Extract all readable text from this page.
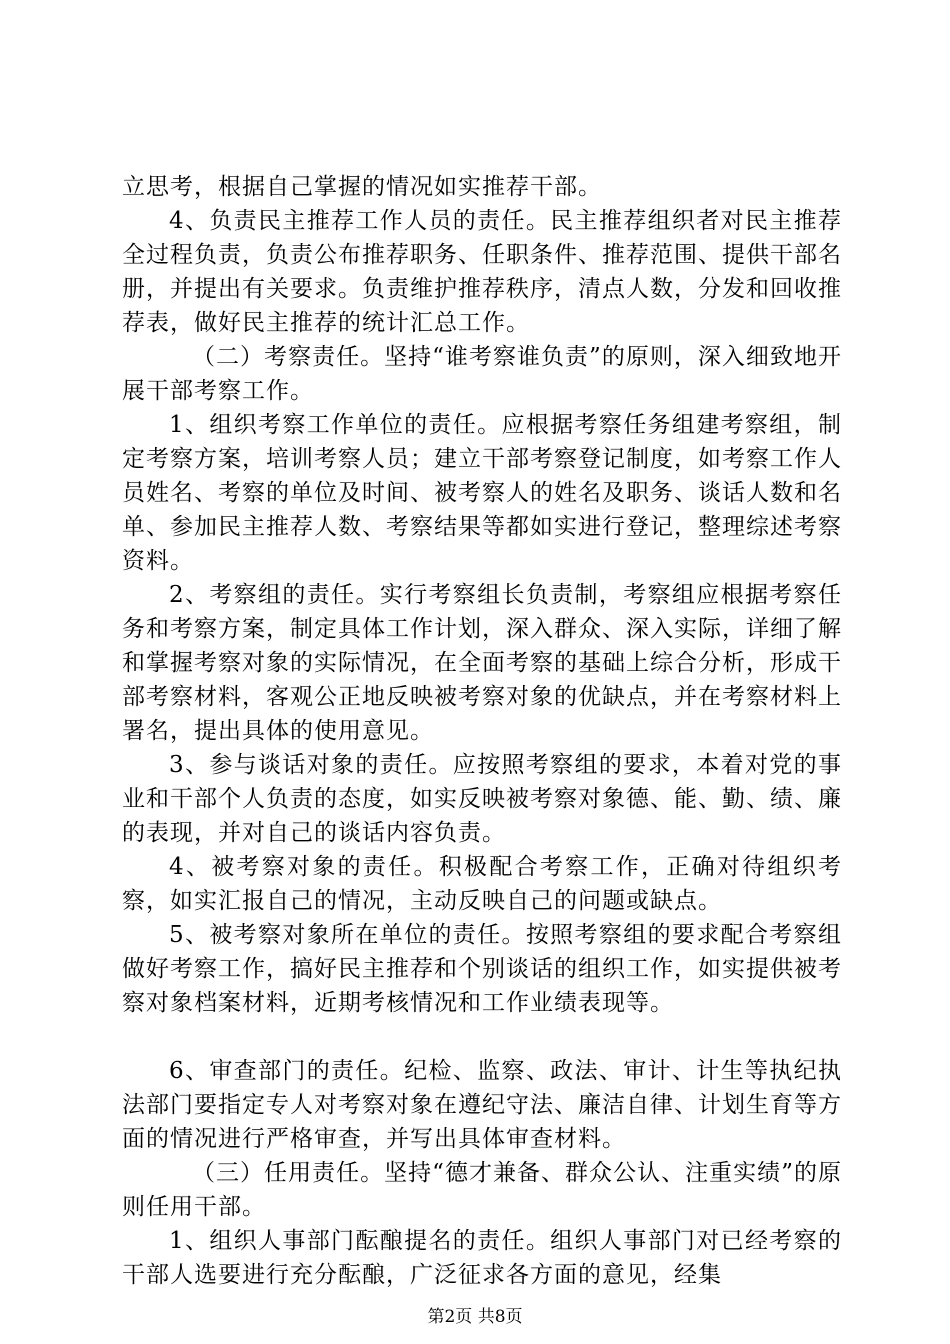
立思考，根据自己掌握的情况如实推荐干部。

4、负责民主推荐工作人员的责任。民主推荐组织者对民主推荐全过程负责，负责公布推荐职务、任职条件、推荐范围、提供干部名册，并提出有关要求。负责维护推荐秩序，清点人数，分发和回收推荐表，做好民主推荐的统计汇总工作。

（二）考察责任。坚持“谁考察谁负责”的原则，深入细致地开展干部考察工作。

1、组织考察工作单位的责任。应根据考察任务组建考察组，制定考察方案，培训考察人员；建立干部考察登记制度，如考察工作人员姓名、考察的单位及时间、被考察人的姓名及职务、谈话人数和名单、参加民主推荐人数、考察结果等都如实进行登记，整理综述考察资料。

2、考察组的责任。实行考察组长负责制，考察组应根据考察任务和考察方案，制定具体工作计划，深入群众、深入实际，详细了解和掌握考察对象的实际情况，在全面考察的基础上综合分析，形成干部考察材料，客观公正地反映被考察对象的优缺点，并在考察材料上署名，提出具体的使用意见。

3、参与谈话对象的责任。应按照考察组的要求，本着对党的事业和干部个人负责的态度，如实反映被考察对象德、能、勤、绩、廉的表现，并对自己的谈话内容负责。

4、被考察对象的责任。积极配合考察工作，正确对待组织考察，如实汇报自己的情况，主动反映自己的问题或缺点。

5、被考察对象所在单位的责任。按照考察组的要求配合考察组做好考察工作，搞好民主推荐和个别谈话的组织工作，如实提供被考察对象档案材料，近期考核情况和工作业绩表现等。

6、审查部门的责任。纪检、监察、政法、审计、计生等执纪执法部门要指定专人对考察对象在遵纪守法、廉洁自律、计划生育等方面的情况进行严格审查，并写出具体审查材料。

（三）任用责任。坚持“德才兼备、群众公认、注重实绩”的原则任用干部。

1、组织人事部门酝酿提名的责任。组织人事部门对已经考察的干部人选要进行充分酝酿，广泛征求各方面的意见，经集

第2页 共8页
